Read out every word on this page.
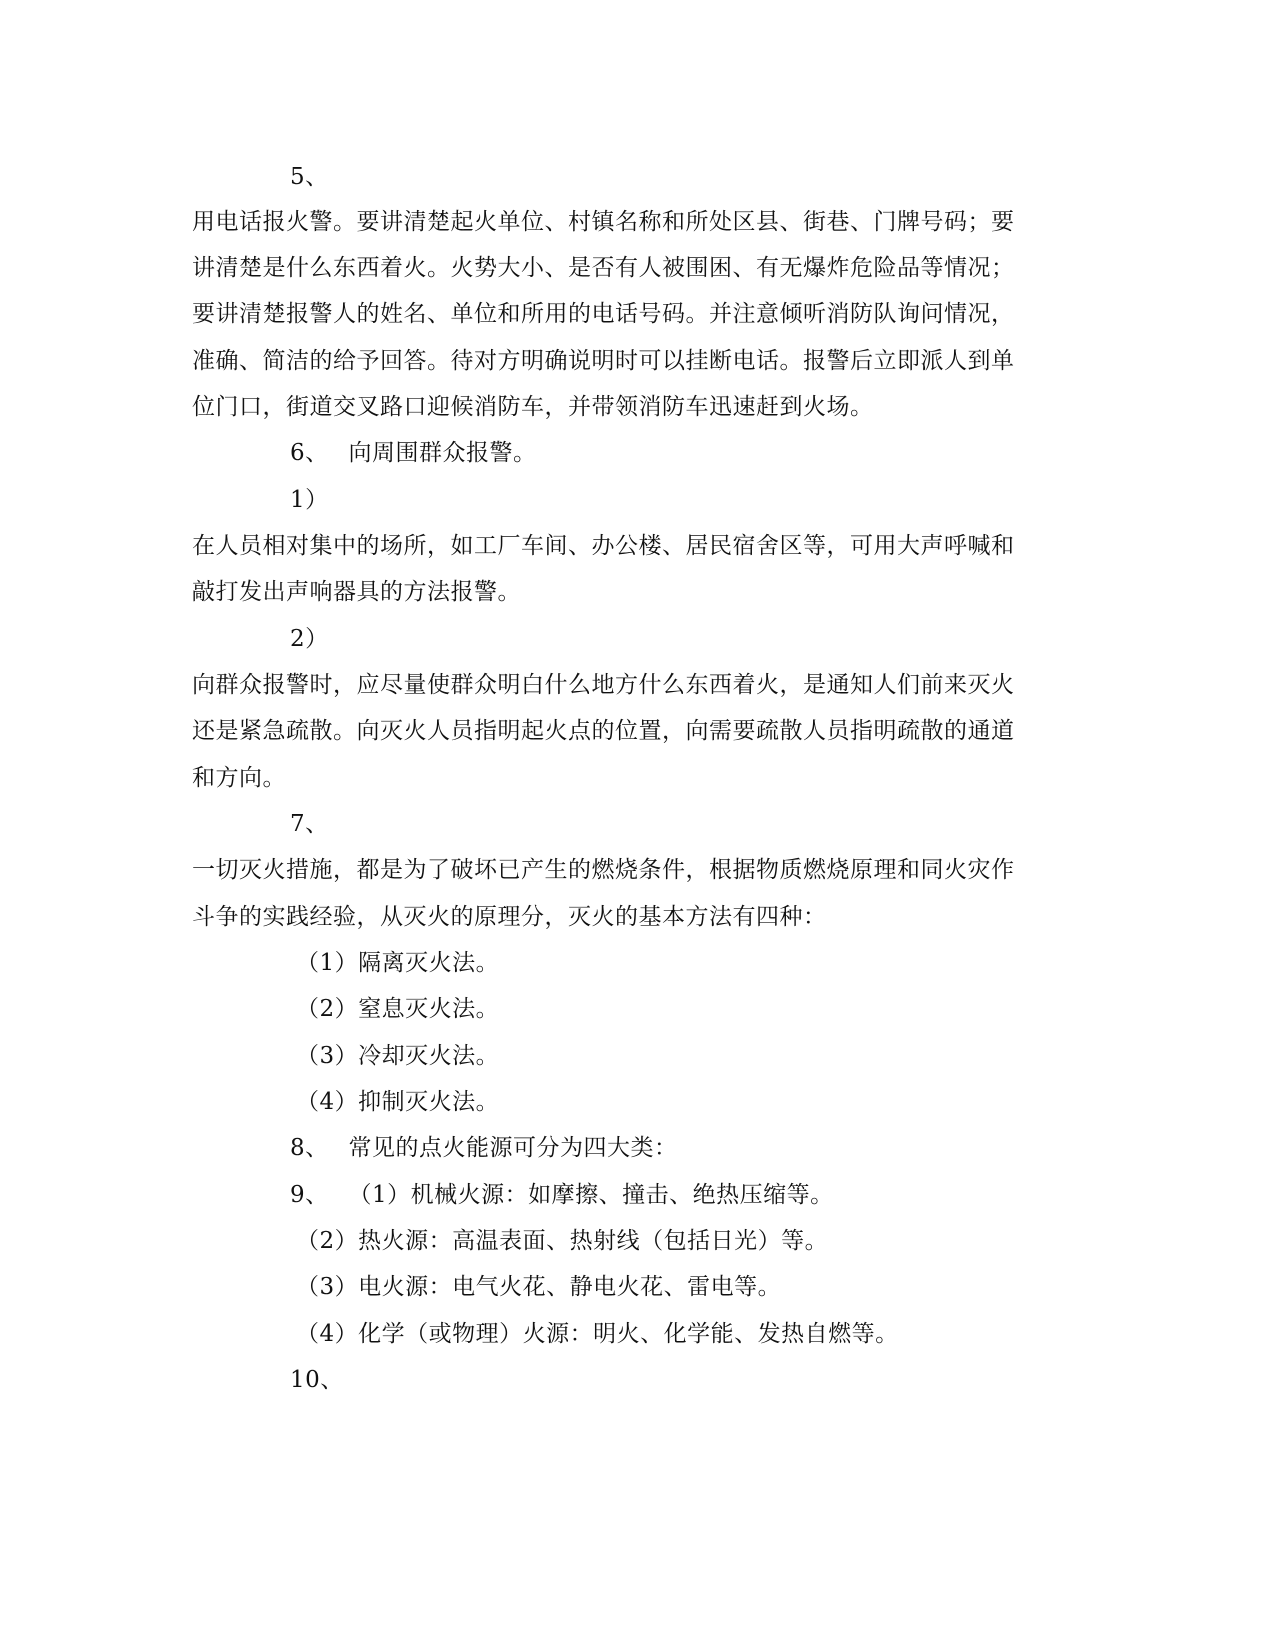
5、
用电话报火警。要讲清楚起火单位、村镇名称和所处区县、街巷、门牌号码；要
讲清楚是什么东西着火。火势大小、是否有人被围困、有无爆炸危险品等情况；
要讲清楚报警人的姓名、单位和所用的电话号码。并注意倾听消防队询问情况，
准确、简洁的给予回答。待对方明确说明时可以挂断电话。报警后立即派人到单
位门口，街道交叉路口迎候消防车，并带领消防车迅速赶到火场。
6、　 向周围群众报警。
1）
在人员相对集中的场所，如工厂车间、办公楼、居民宿舍区等，可用大声呼喊和
敲打发出声响器具的方法报警。
2）
向群众报警时，应尽量使群众明白什么地方什么东西着火，是通知人们前来灭火
还是紧急疏散。向灭火人员指明起火点的位置，向需要疏散人员指明疏散的通道
和方向。
7、
一切灭火措施，都是为了破坏已产生的燃烧条件，根据物质燃烧原理和同火灾作
斗争的实践经验，从灭火的原理分，灭火的基本方法有四种：
（1）隔离灭火法。
（2）窒息灭火法。
（3）冷却灭火法。
（4）抑制灭火法。
8、　 常见的点火能源可分为四大类：
9、　 （1）机械火源：如摩擦、撞击、绝热压缩等。
（2）热火源：高温表面、热射线（包括日光）等。
（3）电火源：电气火花、静电火花、雷电等。
（4）化学（或物理）火源：明火、化学能、发热自燃等。
10、
